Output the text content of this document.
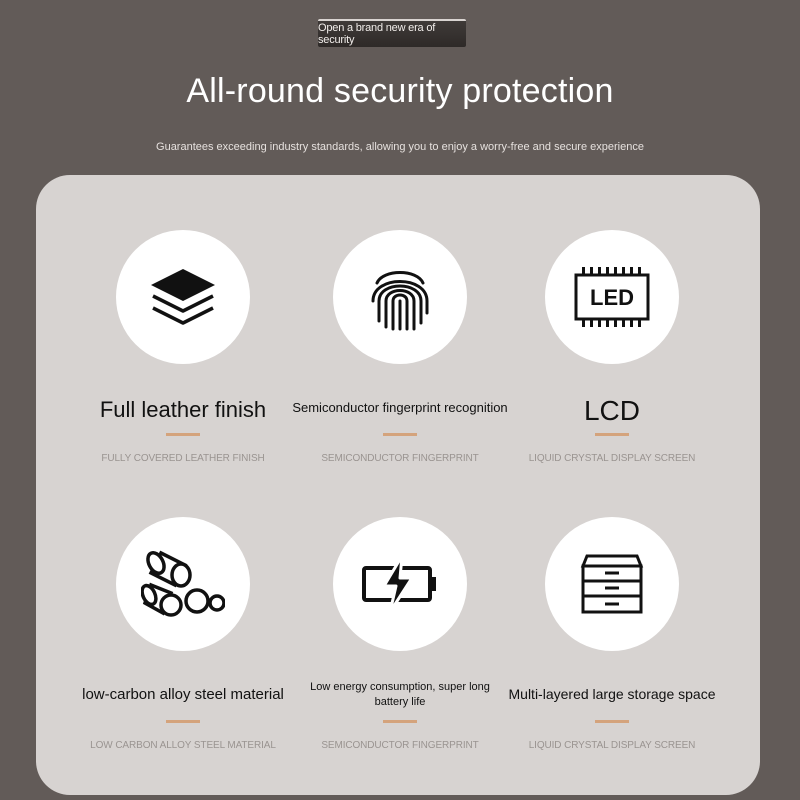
Open a brand new era of security
All-round security protection
Guarantees exceeding industry standards, allowing you to enjoy a worry-free and secure experience
Full leather finish
FULLY COVERED LEATHER FINISH
Semiconductor fingerprint recognition
SEMICONDUCTOR FINGERPRINT
LED
LCD
LIQUID CRYSTAL DISPLAY SCREEN
low-carbon alloy steel material
LOW CARBON ALLOY STEEL MATERIAL
Low energy consumption, super long battery life
SEMICONDUCTOR FINGERPRINT
Multi-layered large storage space
LIQUID CRYSTAL DISPLAY SCREEN
